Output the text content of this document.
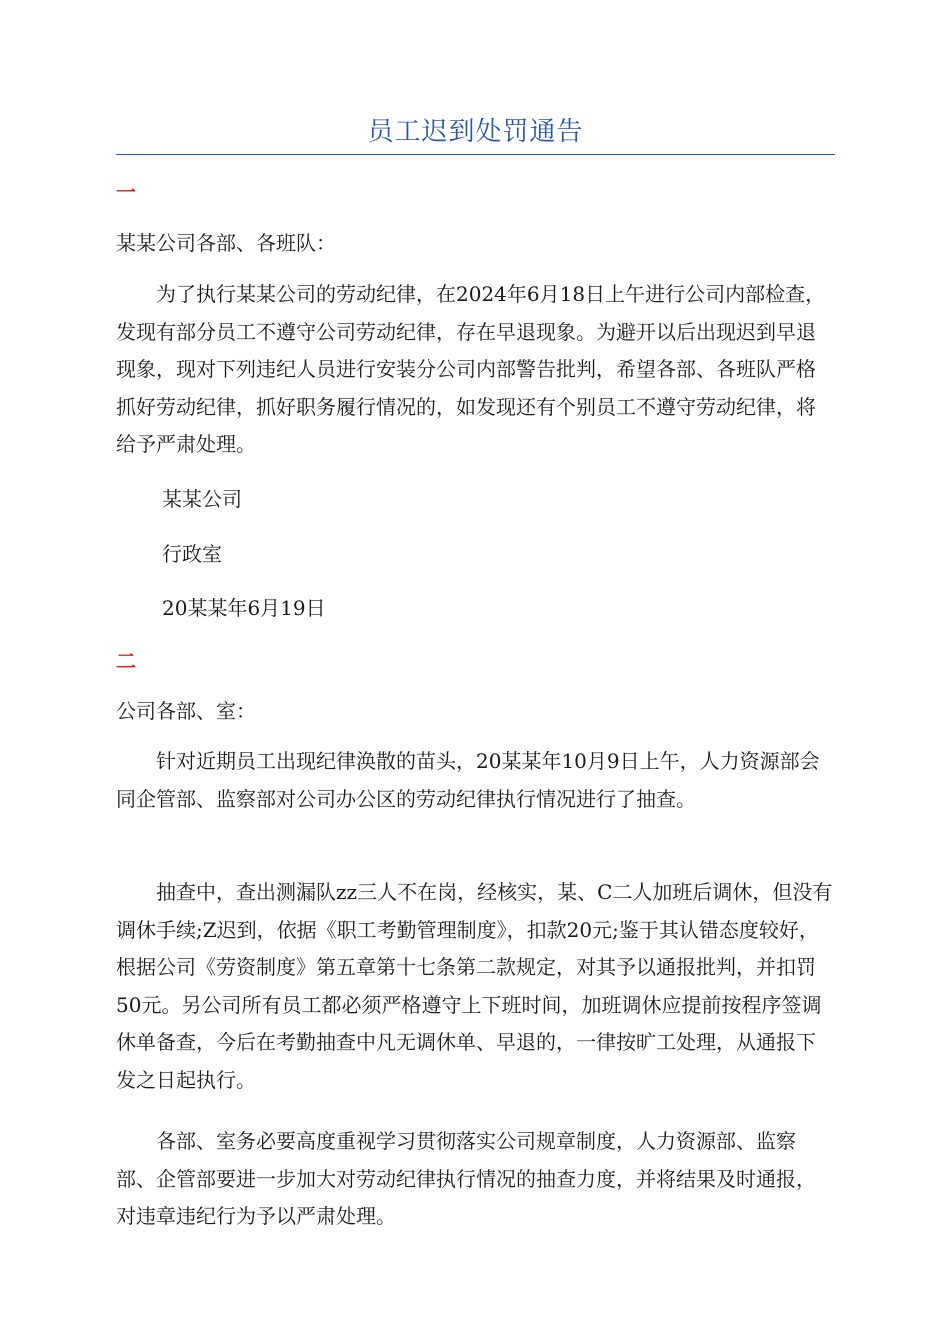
员工迟到处罚通告
一

某某公司各部、各班队：

为了执行某某公司的劳动纪律，在2024年6月18日上午进行公司内部检查，发现有部分员工不遵守公司劳动纪律，存在早退现象。为避开以后出现迟到早退现象，现对下列违纪人员进行安装分公司内部警告批判，希望各部、各班队严格抓好劳动纪律，抓好职务履行情况的，如发现还有个别员工不遵守劳动纪律，将给予严肃处理。

某某公司
行政室
20某某年6月19日
二

公司各部、室：

针对近期员工出现纪律涣散的苗头，20某某年10月9日上午，人力资源部会同企管部、监察部对公司办公区的劳动纪律执行情况进行了抽查。

抽查中，查出测漏队zz三人不在岗，经核实，某、C二人加班后调休，但没有调休手续;Z迟到，依据《职工考勤管理制度》，扣款20元;鉴于其认错态度较好，根据公司《劳资制度》第五章第十七条第二款规定，对其予以通报批判，并扣罚50元。另公司所有员工都必须严格遵守上下班时间，加班调休应提前按程序签调休单备查，今后在考勤抽查中凡无调休单、早退的，一律按旷工处理，从通报下发之日起执行。

各部、室务必要高度重视学习贯彻落实公司规章制度，人力资源部、监察部、企管部要进一步加大对劳动纪律执行情况的抽查力度，并将结果及时通报，对违章违纪行为予以严肃处理。
